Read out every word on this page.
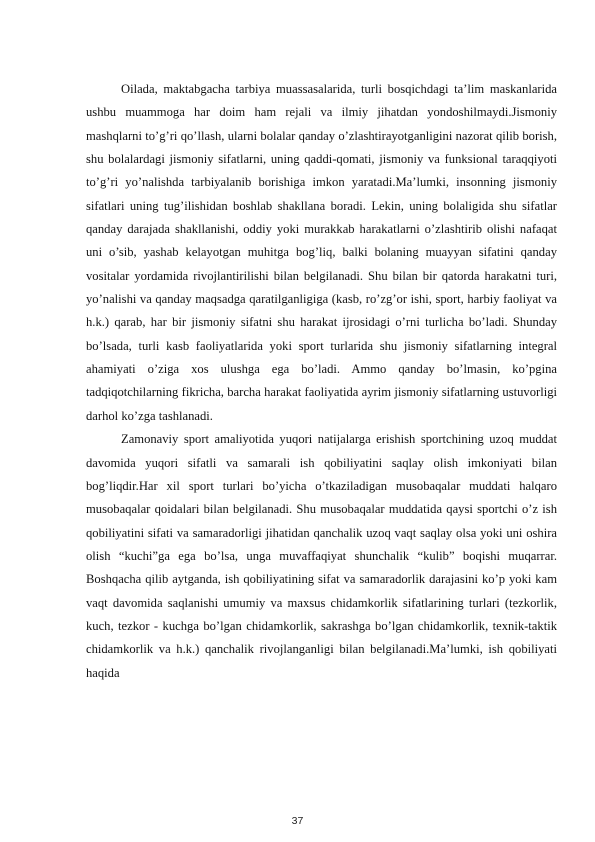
Oilada, maktabgacha tarbiya muassasalarida, turli bosqichdagi ta’lim maskanlarida ushbu muammoga har doim ham rejali va ilmiy jihatdan yondoshilmaydi.Jismoniy mashqlarni to’g’ri qo’llash, ularni bolalar qanday o’zlashtirayotganligini nazorat qilib borish, shu bolalardagi jismoniy sifatlarni, uning qaddi-qomati, jismoniy va funksional taraqqiyoti to’g’ri yo’nalishda tarbiyalanib borishiga imkon yaratadi.Ma’lumki, insonning jismoniy sifatlari uning tug’ilishidan boshlab shakllana boradi. Lekin, uning bolaligida shu sifatlar qanday darajada shakllanishi, oddiy yoki murakkab harakatlarni o’zlashtirib olishi nafaqat uni o’sib, yashab kelayotgan muhitga bog’liq, balki bolaning muayyan sifatini qanday vositalar yordamida rivojlantirilishi bilan belgilanadi. Shu bilan bir qatorda harakatni turi, yo’nalishi va qanday maqsadga qaratilganligiga (kasb, ro’zg’or ishi, sport, harbiy faoliyat va h.k.) qarab, har bir jismoniy sifatni shu harakat ijrosidagi o’rni turlicha bo’ladi. Shunday bo’lsada, turli kasb faoliyatlarida yoki sport turlarida shu jismoniy sifatlarning integral ahamiyati o’ziga xos ulushga ega bo’ladi. Ammo qanday bo’lmasin, ko’pgina tadqiqotchilarning fikricha, barcha harakat faoliyatida ayrim jismoniy sifatlarning ustuvorligi darhol ko’zga tashlanadi.

Zamonaviy sport amaliyotida yuqori natijalarga erishish sportchining uzoq muddat davomida yuqori sifatli va samarali ish qobiliyatini saqlay olish imkoniyati bilan bog’liqdir.Har xil sport turlari bo’yicha o’tkaziladigan musobaqalar muddati halqaro musobaqalar qoidalari bilan belgilanadi. Shu musobaqalar muddatida qaysi sportchi o’z ish qobiliyatini sifati va samaradorligi jihatidan qanchalik uzoq vaqt saqlay olsa yoki uni oshira olish “kuchi”ga ega bo’lsa, unga muvaffaqiyat shunchalik “kulib” boqishi muqarrar. Boshqacha qilib aytganda, ish qobiliyatining sifat va samaradorlik darajasini ko’p yoki kam vaqt davomida saqlanishi umumiy va maxsus chidamkorlik sifatlarining turlari (tezkorlik, kuch, tezkor - kuchga bo’lgan chidamkorlik, sakrashga bo’lgan chidamkorlik, texnik-taktik chidamkorlik va h.k.) qanchalik rivojlanganligi bilan belgilanadi.Ma’lumki, ish qobiliyati haqida

37
